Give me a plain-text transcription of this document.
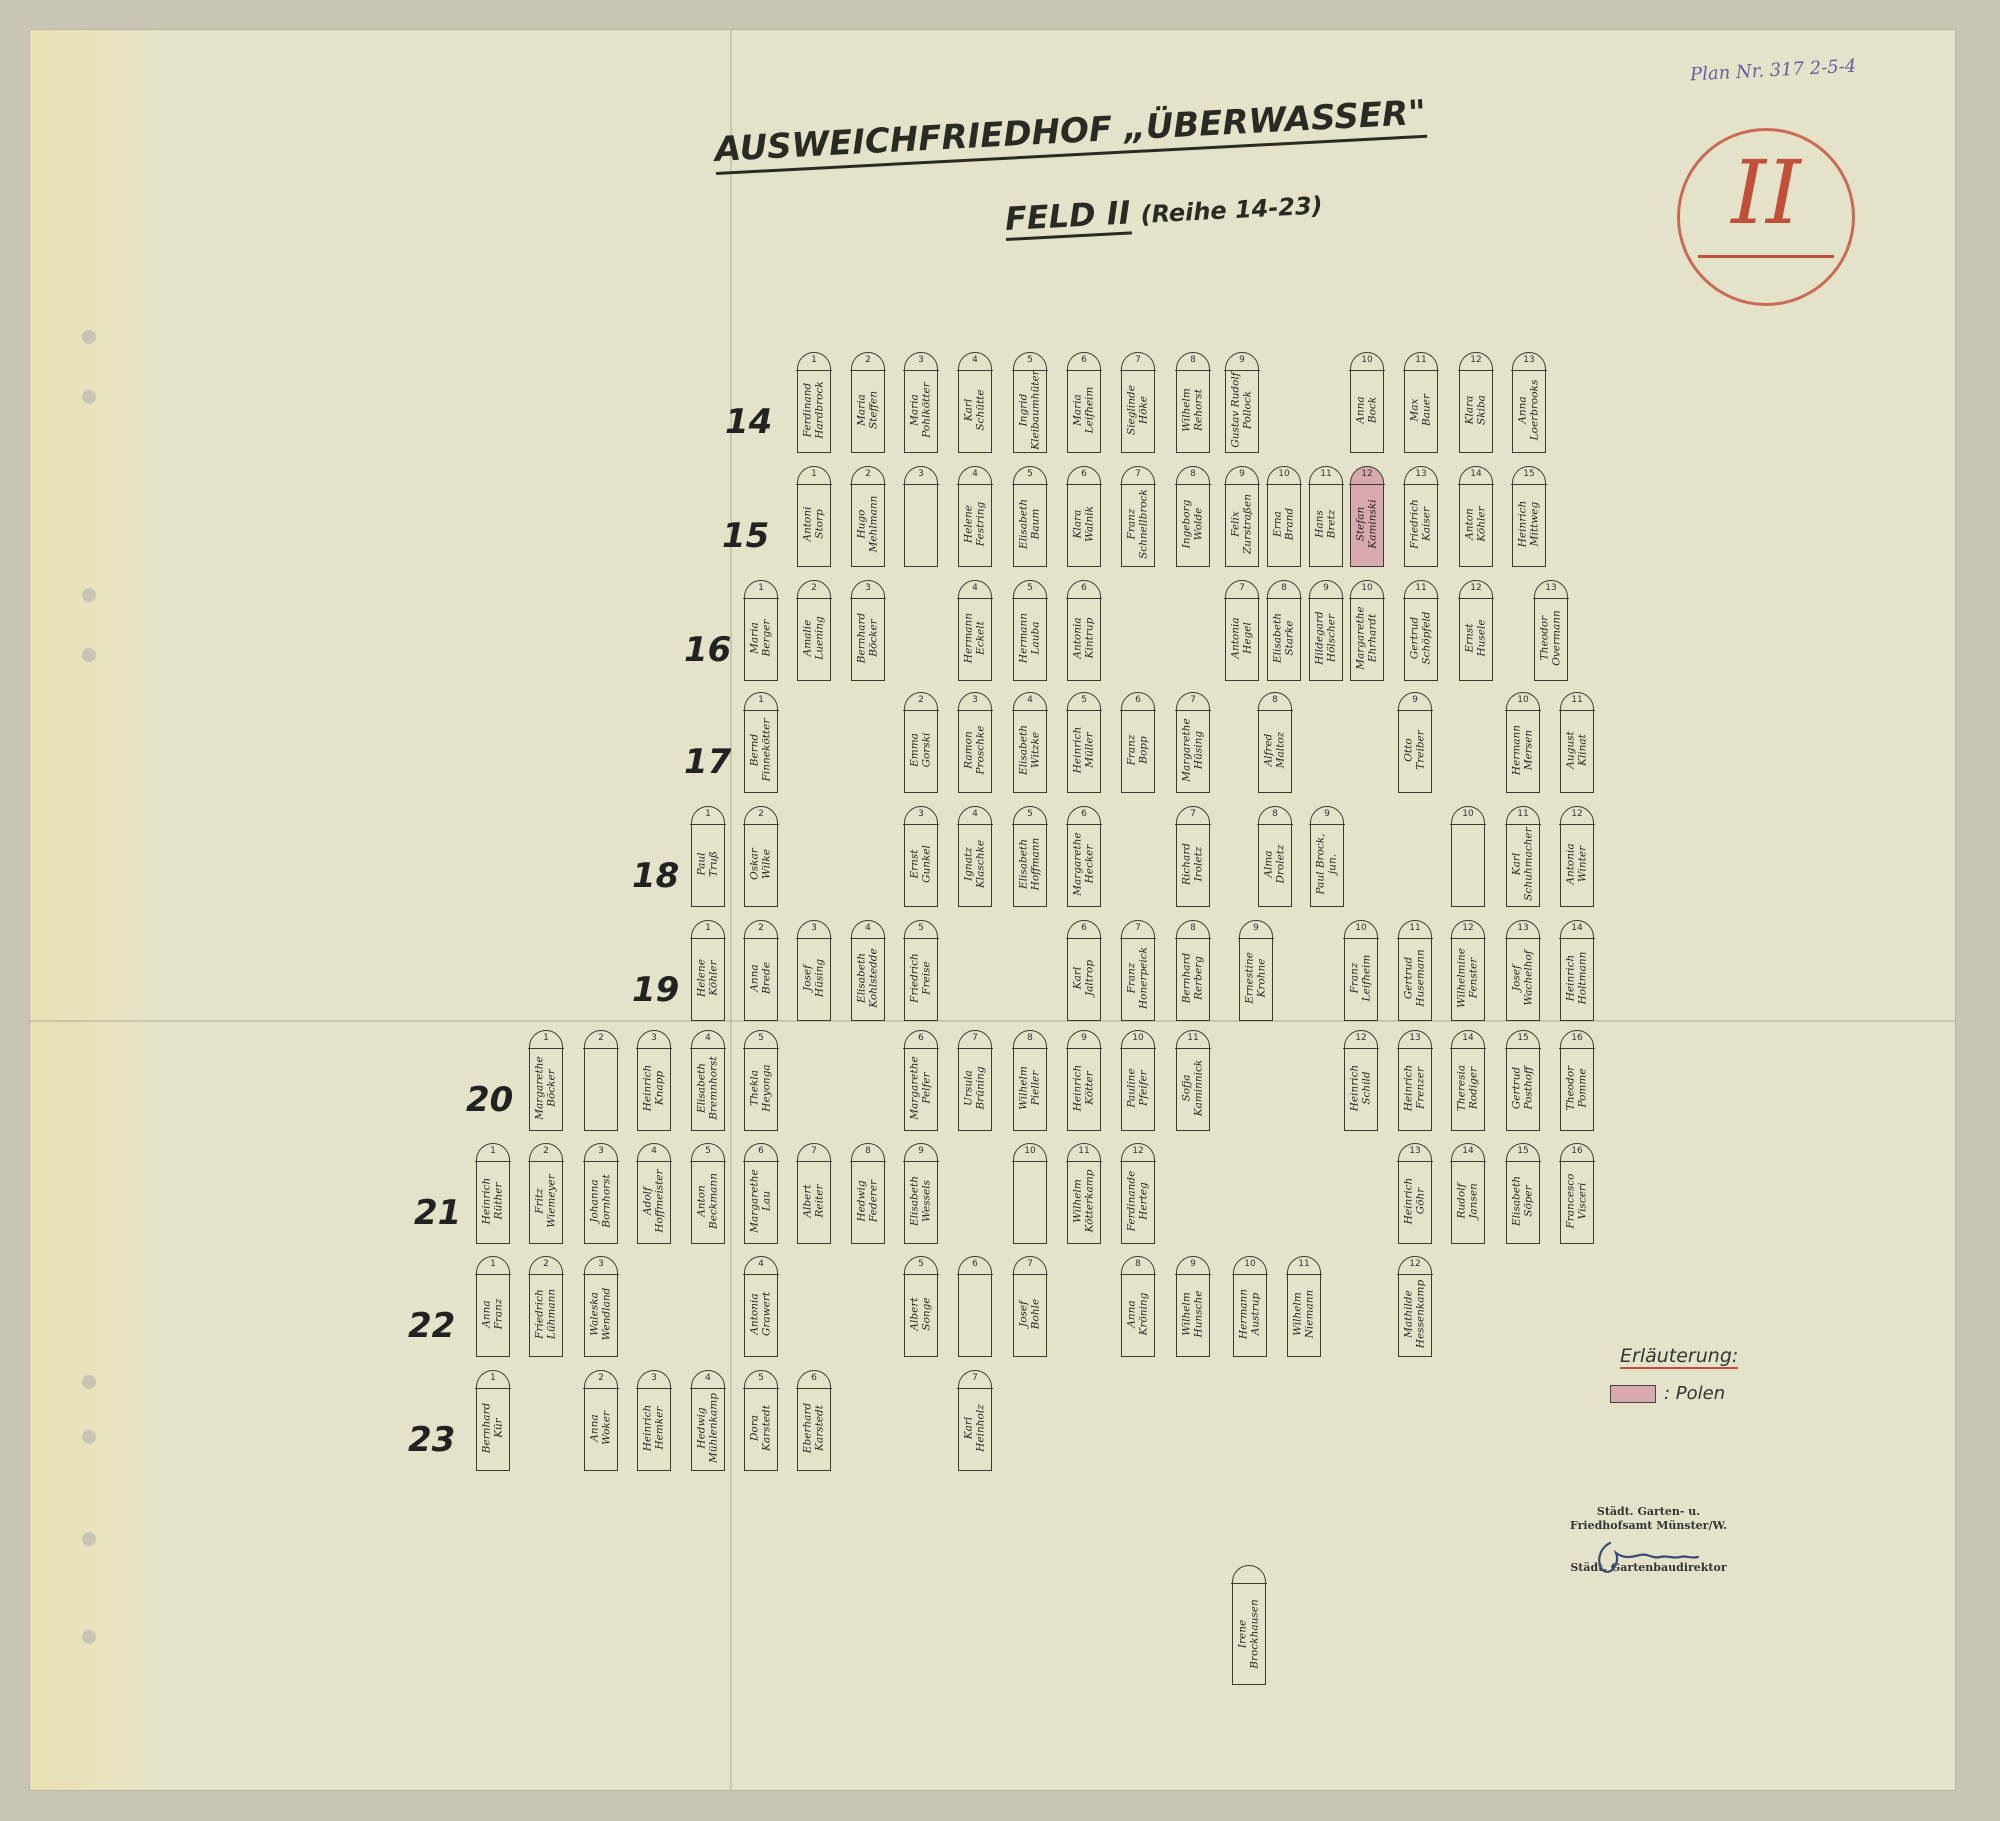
AUSWEICHFRIEDHOF „ÜBERWASSER"
FELD II (Reihe 14-23)
Plan Nr. 317 2-5-4
II
14
1
Ferdinand
Hardbrock
2
Maria
Steffen
3
Maria
Pohlkötter
4
Karl
Schütte
5
Ingrid
Kleibaumhüter
6
Maria
Leifheim
7
Sieglinde
Höke
8
Wilhelm
Rehorst
9
Gustav Rudolf
Pollock
10
Anna
Bock
11
Max
Bauer
12
Klara
Skiba
13
Anna
Loerbrooks
15
1
Antoni
Storp
2
Hugo
Mehlmann
3	4
Helene
Festring
5
Elisabeth
Baum
6
Klara
Walnik
7
Franz
Schnellbrock
8
Ingeborg
Wolde
9
Felix
Zurstraßen
10
Erna
Brand
11
Hans
Bretz
12
Stefan
Kaminski
13
Friedrich
Kaiser
14
Anton
Köhler
15
Heinrich
Mittweg
16
1
Maria
Berger
2
Amalie
Luening
3
Bernhard
Böcker
4
Hermann
Eckelt
5
Hermann
Lauba
6
Antonia
Kintrup
7
Antonia
Hegel
8
Elisabeth
Starke
9
Hildegard
Hölscher
10
Margarethe
Ehrhardt
11
Gertrud
Schöpfeld
12
Ernst
Husele
13
Theodor
Overmann
17
1
Bernd
Finnekötter
2
Emma
Gorski
3
Ramon
Proschke
4
Elisabeth
Witzke
5
Heinrich
Müller
6
Franz
Bopp
7
Margarethe
Hüsing
8
Alfred
Maltoz
9
Otto
Treiber
10
Hermann
Mersen
11
August
Klinat
18
1
Paul
Truß
2
Oskar
Wilke
3
Ernst
Gunkel
4
Ignatz
Klaschke
5
Elisabeth
Hoffmann
6
Margarethe
Hecker
7
Richard
Iroletz
8
Alma
Droletz
9
Paul Brock,
jun.
10	11
Karl
Schuhmacher
12
Antonia
Winter
19
1
Helene
Köhler
2
Anna
Brede
3
Josef
Hüsing
4
Elisabeth
Kohlstedde
5
Friedrich
Freise
6
Karl
Jaltrop
7
Franz
Honerpeick
8
Bernhard
Rerberg
9
Ernestine
Krohne
10
Franz
Leifheim
11
Gertrud
Husemann
12
Wilhelmine
Fenster
13
Josef
Wachelhof
14
Heinrich
Holtmann
20
1
Margarethe
Böcker
2	3
Heinrich
Knapp
4
Elisabeth
Bremnhorst
5
Thekla
Heyonga
6
Margarethe
Pelfer
7
Ursula
Brüning
8
Wilhelm
Pieller
9
Heinrich
Kötter
10
Pauline
Pfeifer
11
Sofja
Kaminnick
12
Heinrich
Schild
13
Heinrich
Frenzer
14
Theresia
Rodiger
15
Gertrud
Posthoff
16
Theodor
Pomme
21
1
Heinrich
Rüther
2
Fritz
Wiemeyer
3
Johanna
Bornhorst
4
Adolf
Hoffmeister
5
Anton
Beckmann
6
Margarethe
Lau
7
Albert
Reiter
8
Hedwig
Federer
9
Elisabeth
Wessels
10	11
Wilhelm
Kötterkamp
12
Ferdinande
Herteg
13
Heinrich
Göhr
14
Rudolf
Jansen
15
Elisabeth
Söper
16
Francesco
Visceri
22
1
Anna
Franz
2
Friedrich
Lühmann
3
Waleska
Wendland
4
Antonia
Grawert
5
Albert
Songe
6	7
Josef
Bohle
8
Anna
Kröning
9
Wilhelm
Hunsche
10
Hermann
Austrup
11
Wilhelm
Niemann
12
Mathilde
Hessenkamp
23
1
Bernhard
Kür
2
Anna
Woker
3
Heinrich
Hemker
4
Hedwig
Mühlenkamp
5
Dora
Karstedt
6
Eberhard
Karstedt
7
Karl
Heinholz
Irene
Brockhausen
Erläuterung:
: Polen
Städt. Garten- u.
Friedhofsamt Münster/W.
Städt. Gartenbaudirektor
